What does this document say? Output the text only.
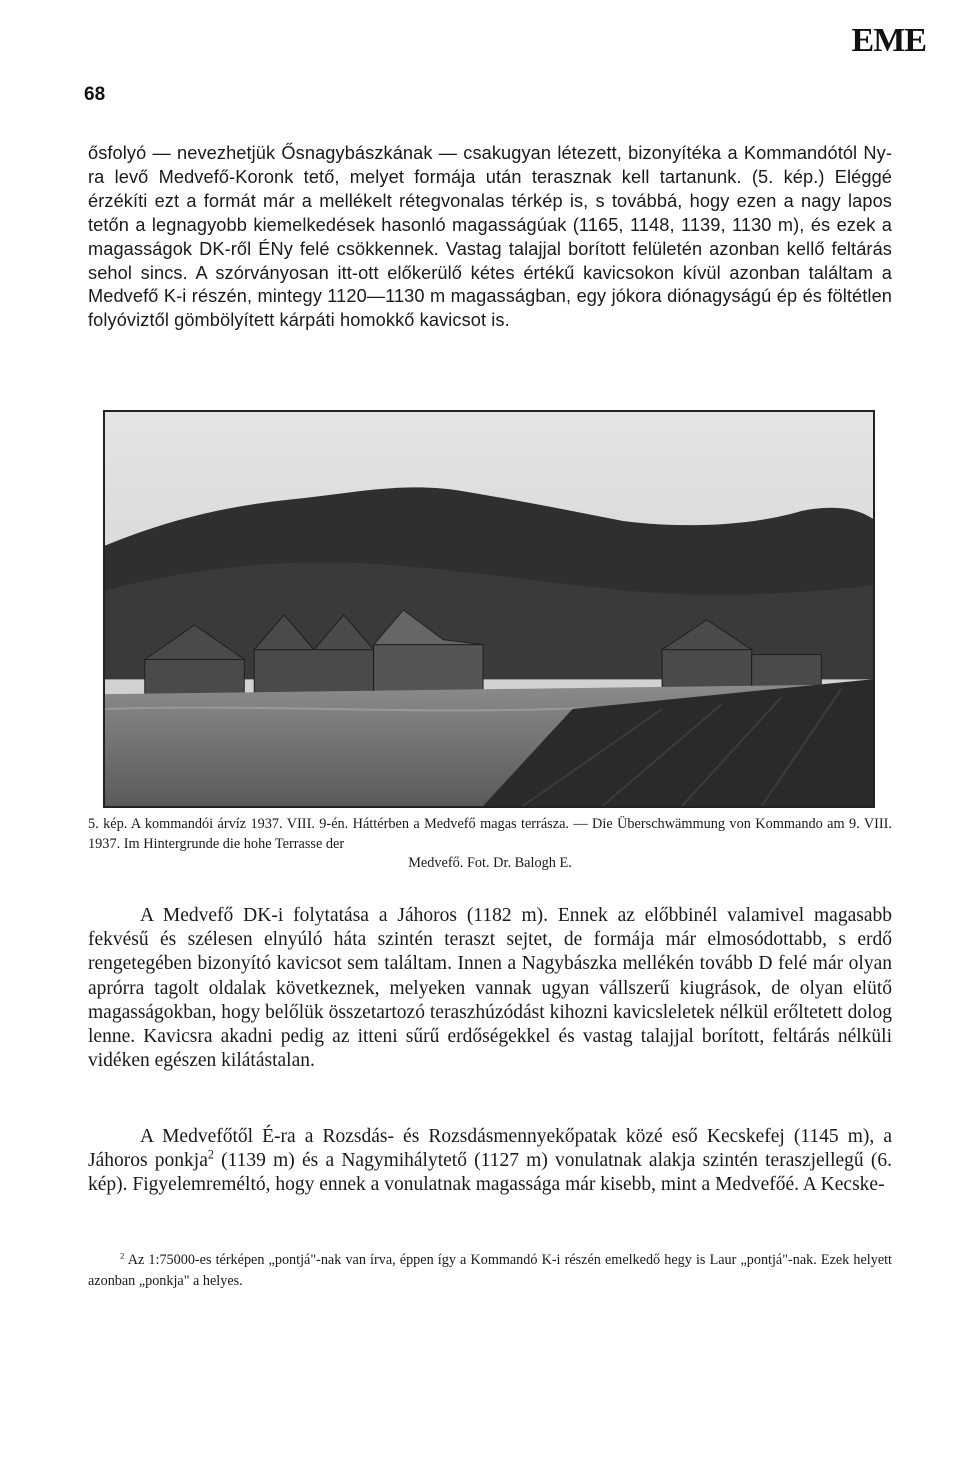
EME
68

ősfolyó — nevezhetjük Ősnagybászkának — csakugyan létezett, bizonyítéka a Kommandótól Ny-ra levő Medvefő-Koronk tető, melyet formája után terasznak kell tartanunk. (5. kép.) Eléggé érzékíti ezt a formát már a mellékelt rétegvonalas térkép is, s továbbá, hogy ezen a nagy lapos tetőn a legnagyobb kiemelkedések hasonló magasságúak (1165, 1148, 1139, 1130 m), és ezek a magasságok DK-ről ÉNy felé csökkennek. Vastag talajjal borított felületén azonban kellő feltárás sehol sincs. A szórványosan itt-ott előkerülő kétes értékű kavicsokon kívül azonban találtam a Medvefő K-i részén, mintegy 1120—1130 m magasságban, egy jókora diónagyságú ép és föltétlen folyóviztől gömbölyített kárpáti homokkő kavicsot is.

5. kép. A kommandói árvíz 1937. VIII. 9-én. Háttérben a Medvefő magas terrásza. — Die Überschwämmung von Kommando am 9. VIII. 1937. Im Hintergrunde die hohe Terrasse der
Medvefő. Fot. Dr. Balogh E.

A Medvefő DK-i folytatása a Jáhoros (1182 m). Ennek az előbbinél valamivel magasabb fekvésű és szélesen elnyúló háta szintén teraszt sejtet, de formája már elmosódottabb, s erdő rengetegében bizonyító kavicsot sem találtam. Innen a Nagybászka mellékén tovább D felé már olyan aprórra tagolt oldalak következnek, melyeken vannak ugyan vállszerű kiugrások, de olyan elütő magasságokban, hogy belőlük összetartozó teraszhúzódást kihozni kavicsleletek nélkül erőltetett dolog lenne. Kavicsra akadni pedig az itteni sűrű erdőségekkel és vastag talajjal borított, feltárás nélküli vidéken egészen kilátástalan.

A Medvefőtől É-ra a Rozsdás- és Rozsdásmennyekőpatak közé eső Kecskefej (1145 m), a Jáhoros ponkja$^2$ (1139 m) és a Nagymihálytető (1127 m) vonulatnak alakja szintén teraszjellegű (6. kép). Figyelemreméltó, hogy ennek a vonulatnak magassága már kisebb, mint a Medvefőé. A Kecske-

$^2$ Az 1:75000-es térképen „pontjá"-nak van írva, éppen így a Kommandó K-i részén emelkedő hegy is Laur „pontjá"-nak. Ezek helyett azonban „ponkja" a helyes.
